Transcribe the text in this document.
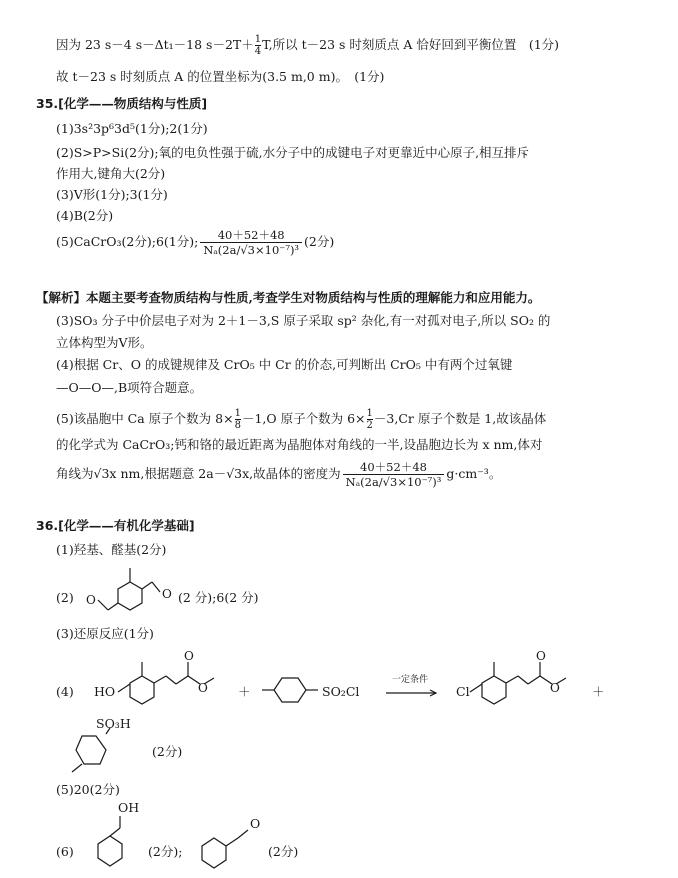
因为 23 s－4 s－Δt₁－18 $s-2T+ \frac{1}{4} T$,所以 t－23 s 时刻质点 A 恰好回到平衡位置　(1分)
故 t－23 s 时刻质点 A 的位置坐标为(3.5 m,0 m)。　(1分)
35.[化学——物质结构与性质]
(1)3s²3p⁶3d⁵(1分);2(1分)
(2)S>P>Si(2分);氧的电负性强于硫,水分子中的成键电子对更靠近中心原子,相互排斥
作用大,键角大(2分)
(3)V形(1分);3(1分)
(4)B(2分)
(5)CaCrO₃(2分);6(1分); $\frac{40+52+48}{\text{Nₐ(2a/√3×10⁻⁷)³}} (2$分)
【解析】本题主要考查物质结构与性质,考查学生对物质结构与性质的理解能力和应用能力。
(3)SO₃ 分子中价层电子对为 2＋1－3,S 原子采取 sp² 杂化,有一对孤对电子,所以 SO₂ 的
立体构型为V形。
(4)根据 Cr、O 的成键规律及 CrO₅ 中 Cr 的价态,可判断出 CrO₅ 中有两个过氧键
—O—O—,B项符合题意。
(5)该晶胞中 Ca 原子个数为 $8\times \frac{1}{8} -1,O$ 原子个数为 $6\times \frac{1}{2} -3,Cr$ 原子个数是 1,故该晶体
的化学式为 CaCrO₃;钙和铬的最近距离为晶胞体对角线的一半,设晶胞边长为 x nm,体对
角线为√3x nm,根据题意 2a－√3x,故晶体的密度为 $\frac{40+52+48}{\text{Nₐ(2a/√3×10⁻⁷)³}} g\cdot cm^{-3}$。
36.[化学——有机化学基础]
(1)羟基、醛基(2分)
(2)	O
O	(2 分);6(2 分)
(3)还原反应(1分)
(4) HO
O
O ＋	SO₂Cl
一定条件
→ Cl
O
O	＋
SO₃H
(2分)
(5)20(2分)
(6)
OH
(2分);
O
(2分)
